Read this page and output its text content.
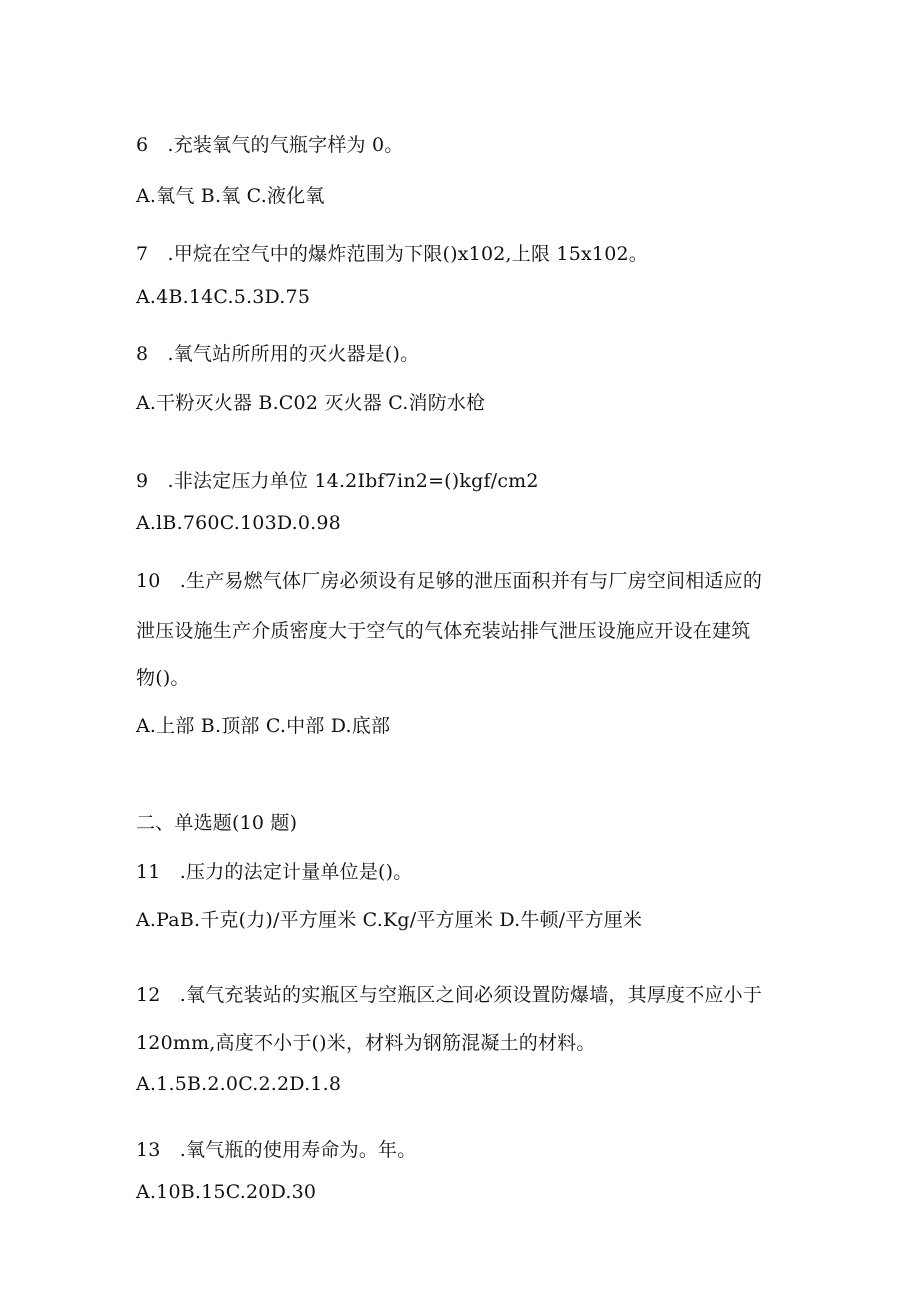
6　.充装氧气的气瓶字样为 0。
A.氧气 B.氧 C.液化氧
7　.甲烷在空气中的爆炸范围为下限()x102,上限 15x102。
A.4B.14C.5.3D.75
8　.氧气站所所用的灭火器是()。
A.干粉灭火器 B.C02 灭火器 C.消防水枪
9　.非法定压力单位 14.2Ibf7in2=()kgf∕cm2
A.lB.760C.103D.0.98
10　.生产易燃气体厂房必须设有足够的泄压面积并有与厂房空间相适应的
泄压设施生产介质密度大于空气的气体充装站排气泄压设施应开设在建筑
物()。
A.上部 B.顶部 C.中部 D.底部
二、单选题(10 题)
11　.压力的法定计量单位是()。
A.PaB.千克(力)/平方厘米 C.Kg∕平方厘米 D.牛顿/平方厘米
12　.氧气充装站的实瓶区与空瓶区之间必须设置防爆墙，其厚度不应小于
120mm,高度不小于()米，材料为钢筋混凝土的材料。
A.1.5B.2.0C.2.2D.1.8
13　.氧气瓶的使用寿命为。年。
A.10B.15C.20D.30
